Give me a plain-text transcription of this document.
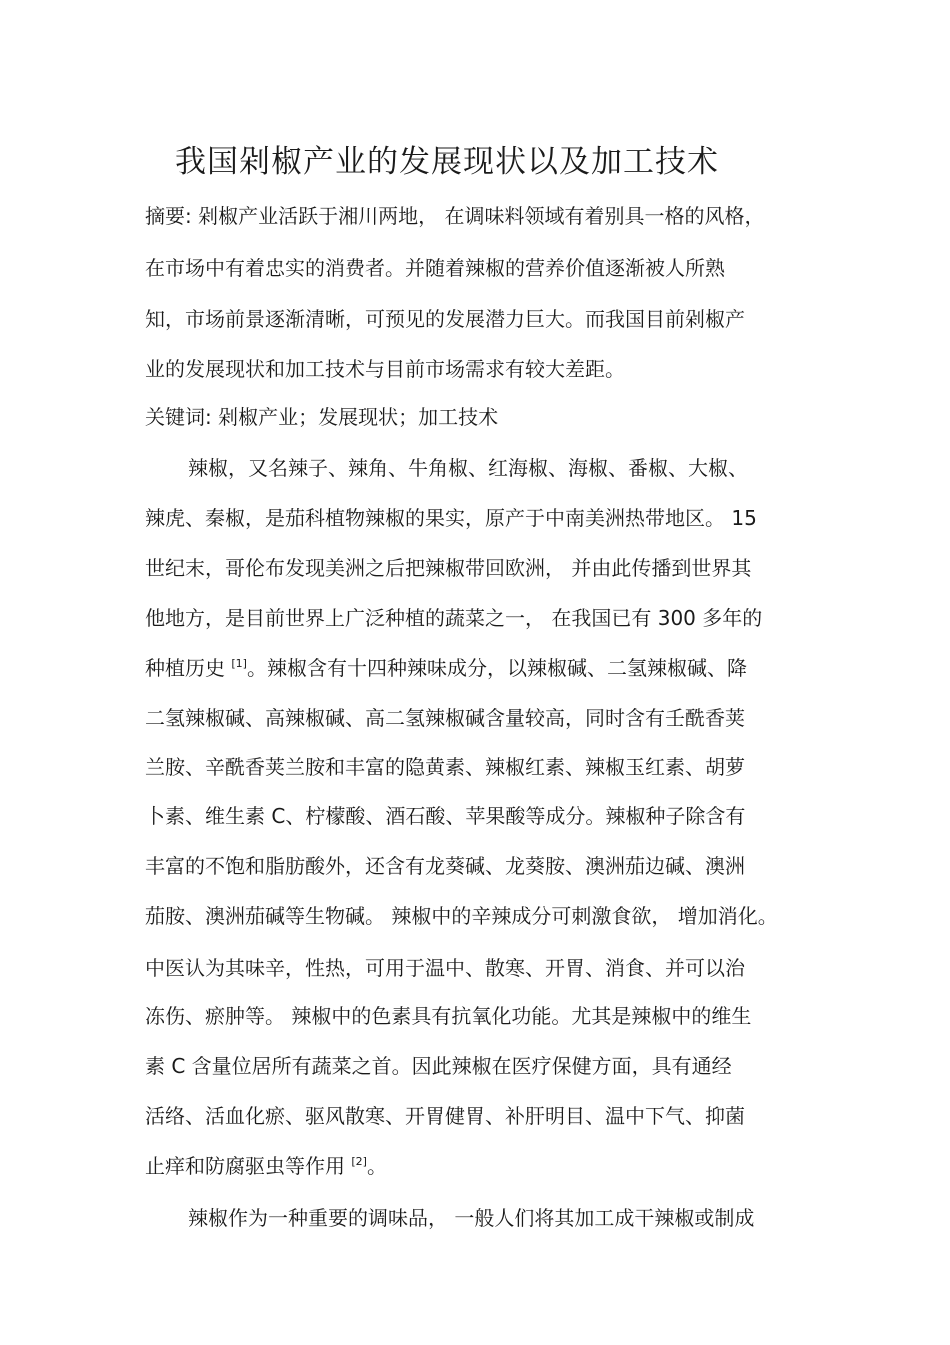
我国剁椒产业的发展现状以及加工技术
摘要: 剁椒产业活跃于湘川两地， 在调味料领域有着别具一格的风格，
在市场中有着忠实的消费者。并随着辣椒的营养价值逐渐被人所熟
知，市场前景逐渐清晰，可预见的发展潜力巨大。而我国目前剁椒产
业的发展现状和加工技术与目前市场需求有较大差距。
关键词: 剁椒产业；发展现状；加工技术
辣椒，又名辣子、辣角、牛角椒、红海椒、海椒、番椒、大椒、
辣虎、秦椒，是茄科植物辣椒的果实，原产于中南美洲热带地区。 15
世纪末，哥伦布发现美洲之后把辣椒带回欧洲， 并由此传播到世界其
他地方，是目前世界上广泛种植的蔬菜之一， 在我国已有 300 多年的
种植历史 [1]。辣椒含有十四种辣味成分，以辣椒碱、二氢辣椒碱、降
二氢辣椒碱、高辣椒碱、高二氢辣椒碱含量较高，同时含有壬酰香荚
兰胺、辛酰香荚兰胺和丰富的隐黄素、辣椒红素、辣椒玉红素、胡萝
卜素、维生素 C、柠檬酸、酒石酸、苹果酸等成分。辣椒种子除含有
丰富的不饱和脂肪酸外，还含有龙葵碱、龙葵胺、澳洲茄边碱、澳洲
茄胺、澳洲茄碱等生物碱。 辣椒中的辛辣成分可刺激食欲， 增加消化。
中医认为其味辛，性热，可用于温中、散寒、开胃、消食、并可以治
冻伤、瘀肿等。 辣椒中的色素具有抗氧化功能。尤其是辣椒中的维生
素 C 含量位居所有蔬菜之首。因此辣椒在医疗保健方面，具有通经
活络、活血化瘀、驱风散寒、开胃健胃、补肝明目、温中下气、抑菌
止痒和防腐驱虫等作用 [2]。
辣椒作为一种重要的调味品， 一般人们将其加工成干辣椒或制成
